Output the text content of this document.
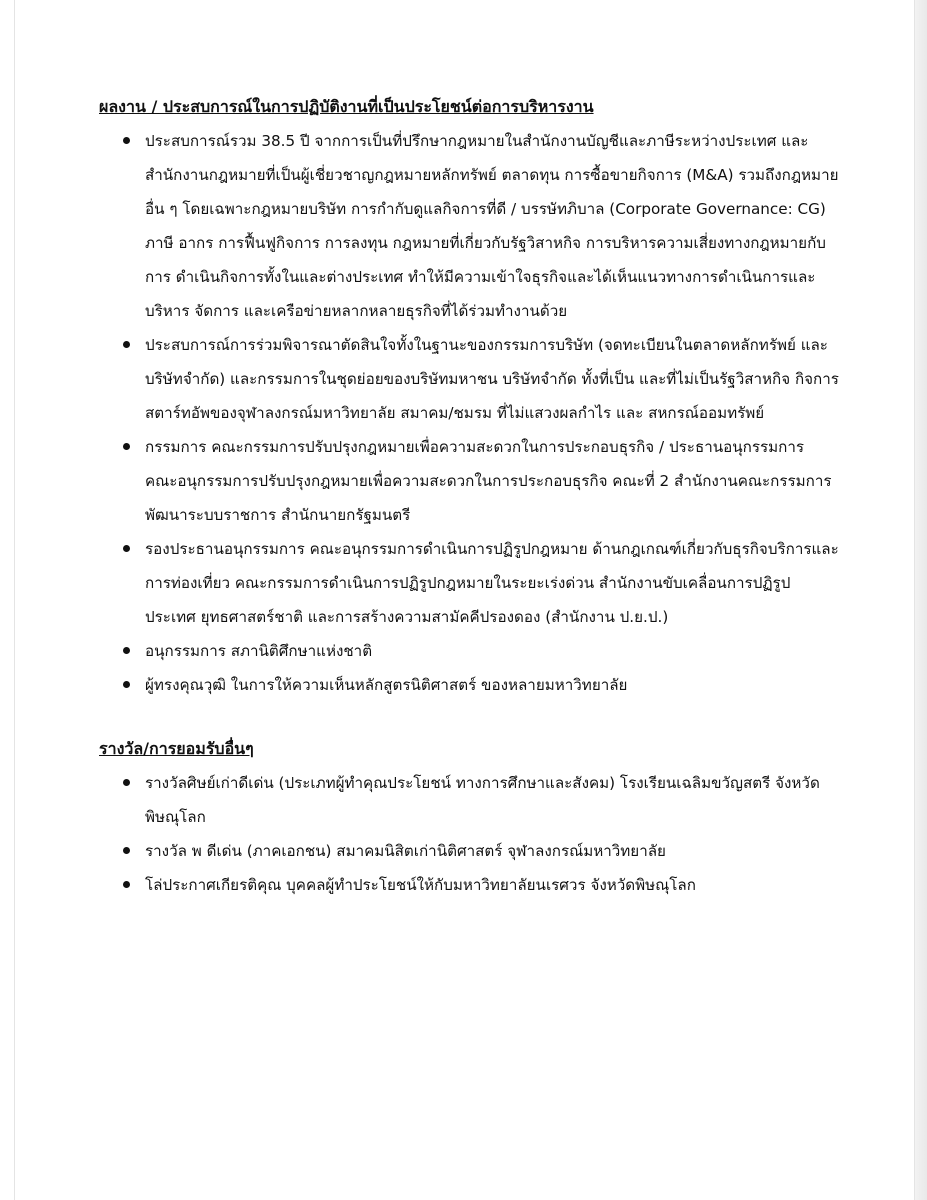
ผลงาน / ประสบการณ์ในการปฏิบัติงานที่เป็นประโยชน์ต่อการบริหารงาน
ประสบการณ์รวม 38.5 ปี จากการเป็นที่ปรึกษากฎหมายในสำนักงานบัญชีและภาษีระหว่างประเทศ และ สำนักงานกฎหมายที่เป็นผู้เชี่ยวชาญกฎหมายหลักทรัพย์ ตลาดทุน การซื้อขายกิจการ (M&A) รวมถึงกฎหมาย อื่น ๆ โดยเฉพาะกฎหมายบริษัท การกำกับดูแลกิจการที่ดี / บรรษัทภิบาล (Corporate Governance: CG) ภาษี อากร การฟื้นฟูกิจการ การลงทุน กฎหมายที่เกี่ยวกับรัฐวิสาหกิจ การบริหารความเสี่ยงทางกฎหมายกับการ ดำเนินกิจการทั้งในและต่างประเทศ ทำให้มีความเข้าใจธุรกิจและได้เห็นแนวทางการดำเนินการและบริหาร จัดการ และเครือข่ายหลากหลายธุรกิจที่ได้ร่วมทำงานด้วย
ประสบการณ์การร่วมพิจารณาตัดสินใจทั้งในฐานะของกรรมการบริษัท (จดทะเบียนในตลาดหลักทรัพย์ และ บริษัทจำกัด) และกรรมการในชุดย่อยของบริษัทมหาชน บริษัทจำกัด ทั้งที่เป็น และที่ไม่เป็นรัฐวิสาหกิจ กิจการ สตาร์ทอัพของจุฬาลงกรณ์มหาวิทยาลัย สมาคม/ชมรม ที่ไม่แสวงผลกำไร และ สหกรณ์ออมทรัพย์
กรรมการ คณะกรรมการปรับปรุงกฎหมายเพื่อความสะดวกในการประกอบธุรกิจ / ประธานอนุกรรมการ คณะอนุกรรมการปรับปรุงกฎหมายเพื่อความสะดวกในการประกอบธุรกิจ คณะที่ 2 สำนักงานคณะกรรมการ พัฒนาระบบราชการ สำนักนายกรัฐมนตรี
รองประธานอนุกรรมการ คณะอนุกรรมการดำเนินการปฏิรูปกฎหมาย ด้านกฎเกณฑ์เกี่ยวกับธุรกิจบริการและ การท่องเที่ยว คณะกรรมการดำเนินการปฏิรูปกฎหมายในระยะเร่งด่วน สำนักงานขับเคลื่อนการปฏิรูปประเทศ ยุทธศาสตร์ชาติ และการสร้างความสามัคคีปรองดอง (สำนักงาน ป.ย.ป.)
อนุกรรมการ สภานิติศึกษาแห่งชาติ
ผู้ทรงคุณวุฒิ ในการให้ความเห็นหลักสูตรนิติศาสตร์ ของหลายมหาวิทยาลัย
รางวัล/การยอมรับอื่นๆ
รางวัลศิษย์เก่าดีเด่น (ประเภทผู้ทำคุณประโยชน์ ทางการศึกษาและสังคม) โรงเรียนเฉลิมขวัญสตรี จังหวัด พิษณุโลก
รางวัล พ ดีเด่น (ภาคเอกชน) สมาคมนิสิตเก่านิติศาสตร์ จุฬาลงกรณ์มหาวิทยาลัย
โล่ประกาศเกียรติคุณ บุคคลผู้ทำประโยชน์ให้กับมหาวิทยาลัยนเรศวร จังหวัดพิษณุโลก
